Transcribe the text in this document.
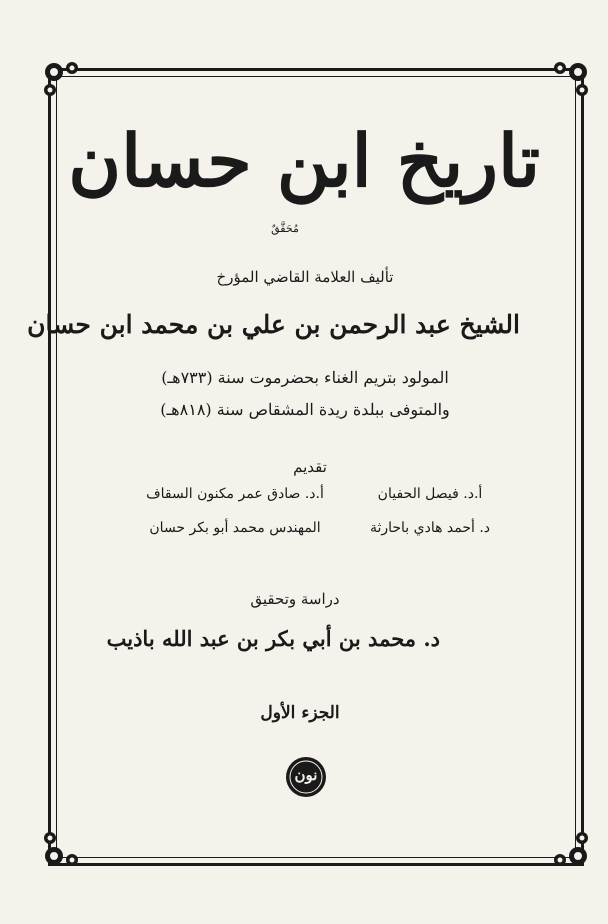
تاريخ ابن حسان
مُحَقَّقٌ
تأليف العلامة القاضي المؤرخ
الشيخ عبد الرحمن بن علي بن محمد ابن حسان
المولود بتريم الغناء بحضرموت سنة (٧٣٣هـ)
والمتوفى ببلدة ريدة المشقاص سنة (٨١٨هـ)
تقديم
أ.د. فيصل الحفيان
أ.د. صادق عمر مكنون السقاف
د. أحمد هادي باحارثة
المهندس محمد أبو بكر حسان
دراسة وتحقيق
د. محمد بن أبي بكر بن عبد الله باذيب
الجزء الأول
نون
